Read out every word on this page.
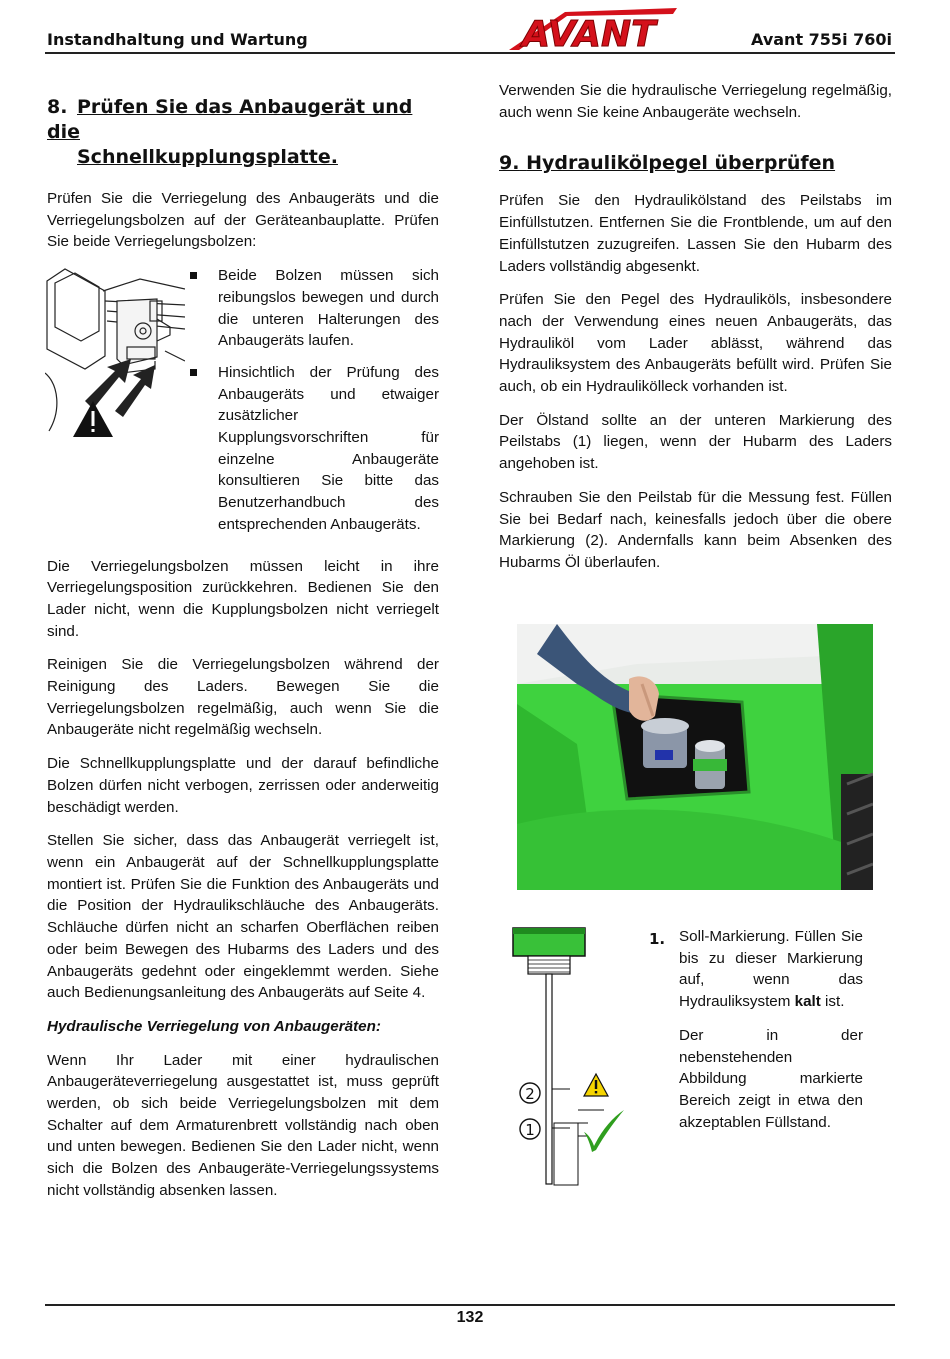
Instandhaltung und Wartung	AVANT	Avant 755i 760i
8. Prüfen Sie das Anbaugerät und die
Schnellkupplungsplatte.

Prüfen Sie die Verriegelung des Anbaugeräts und die Verriegelungsbolzen auf der Geräteanbauplatte. Prüfen Sie beide Verriegelungsbolzen:

Beide Bolzen müssen sich reibungslos bewegen und durch die unteren Halterungen des Anbaugeräts laufen.
Hinsichtlich der Prüfung des Anbaugeräts und etwaiger zusätzlicher Kupplungsvorschriften für einzelne Anbaugeräte konsultieren Sie bitte das Benutzerhandbuch des entsprechenden Anbaugeräts.

Die Verriegelungsbolzen müssen leicht in ihre Verriegelungsposition zurückkehren. Bedienen Sie den Lader nicht, wenn die Kupplungsbolzen nicht verriegelt sind.

Reinigen Sie die Verriegelungsbolzen während der Reinigung des Laders. Bewegen Sie die Verriegelungsbolzen regelmäßig, auch wenn Sie die Anbaugeräte nicht regelmäßig wechseln.

Die Schnellkupplungsplatte und der darauf befindliche Bolzen dürfen nicht verbogen, zerrissen oder anderweitig beschädigt werden.

Stellen Sie sicher, dass das Anbaugerät verriegelt ist, wenn ein Anbaugerät auf der Schnellkupplungsplatte montiert ist. Prüfen Sie die Funktion des Anbaugeräts und die Position der Hydraulikschläuche des Anbaugeräts. Schläuche dürfen nicht an scharfen Oberflächen reiben oder beim Bewegen des Hubarms des Laders und des Anbaugeräts gedehnt oder eingeklemmt werden. Siehe auch Bedienungsanleitung des Anbaugeräts auf Seite 4.

Hydraulische Verriegelung von Anbaugeräten:

Wenn Ihr Lader mit einer hydraulischen Anbaugeräteverriegelung ausgestattet ist, muss geprüft werden, ob sich beide Verriegelungsbolzen mit dem Schalter auf dem Armaturenbrett vollständig nach oben und unten bewegen. Bedienen Sie den Lader nicht, wenn sich die Bolzen des Anbaugeräte-Verriegelungssystems nicht vollständig absenken lassen.

Verwenden Sie die hydraulische Verriegelung regelmäßig, auch wenn Sie keine Anbaugeräte wechseln.

9. Hydraulikölpegel überprüfen

Prüfen Sie den Hydraulikölstand des Peilstabs im Einfüllstutzen. Entfernen Sie die Frontblende, um auf den Einfüllstutzen zuzugreifen. Lassen Sie den Hubarm des Laders vollständig abgesenkt.

Prüfen Sie den Pegel des Hydrauliköls, insbesondere nach der Verwendung eines neuen Anbaugeräts, das Hydrauliköl vom Lader ablässt, während das Hydrauliksystem des Anbaugeräts befüllt wird. Prüfen Sie auch, ob ein Hydraulikölleck vorhanden ist.

Der Ölstand sollte an der unteren Markierung des Peilstabs (1) liegen, wenn der Hubarm des Laders angehoben ist.

Schrauben Sie den Peilstab für die Messung fest. Füllen Sie bei Bedarf nach, keinesfalls jedoch über die obere Markierung (2). Andernfalls kann beim Absenken des Hubarms Öl überlaufen.

2
1
1. Soll-Markierung. Füllen Sie bis zu dieser Markierung auf, wenn das Hydrauliksystem kalt ist.

Der in der nebenstehenden Abbildung markierte Bereich zeigt in etwa den akzeptablen Füllstand.

132
